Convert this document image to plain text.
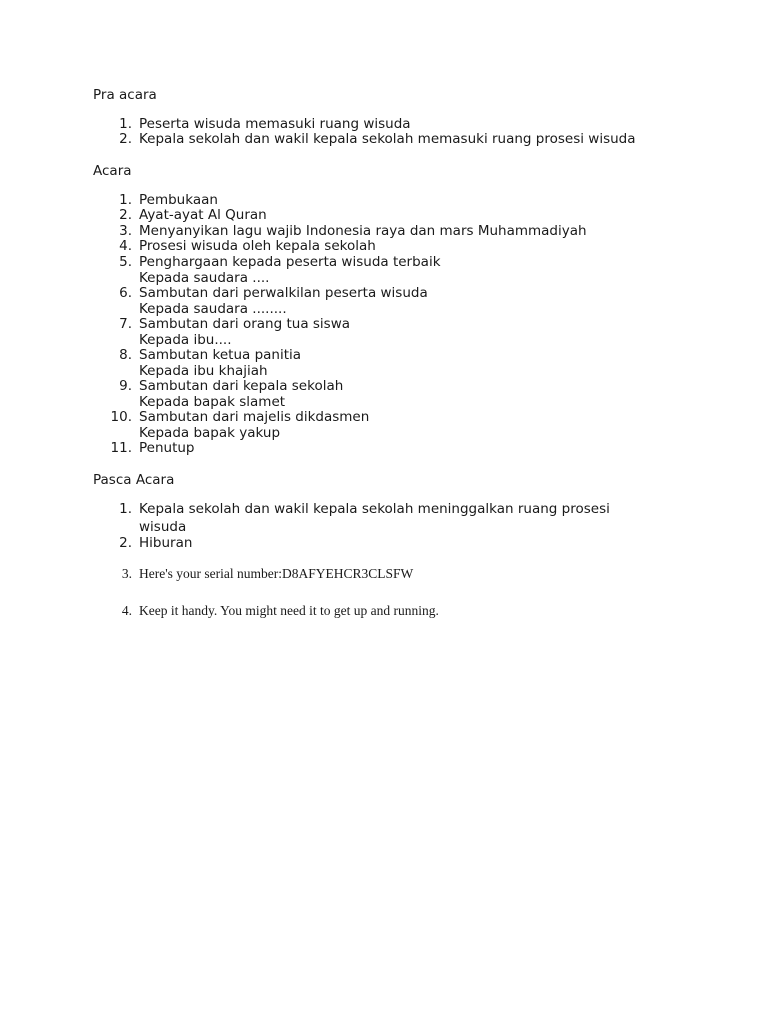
Pra acara
1. Peserta wisuda memasuki ruang wisuda
2. Kepala sekolah dan wakil kepala sekolah memasuki ruang prosesi wisuda
Acara
1. Pembukaan
2. Ayat-ayat Al Quran
3. Menyanyikan lagu wajib Indonesia raya dan mars Muhammadiyah
4. Prosesi wisuda oleh kepala sekolah
5. Penghargaan kepada peserta wisuda terbaik
Kepada saudara ....
6. Sambutan dari perwalkilan peserta wisuda
Kepada saudara ........
7. Sambutan dari orang tua siswa
Kepada ibu....
8. Sambutan ketua panitia
Kepada ibu khajiah
9. Sambutan dari kepala sekolah
Kepada bapak slamet
10. Sambutan dari majelis dikdasmen
Kepada bapak yakup
11. Penutup
Pasca Acara
1. Kepala sekolah dan wakil kepala sekolah meninggalkan ruang prosesi
wisuda
2. Hiburan
3. Here's your serial number:D8AFYEHCR3CLSFW
4. Keep it handy. You might need it to get up and running.
